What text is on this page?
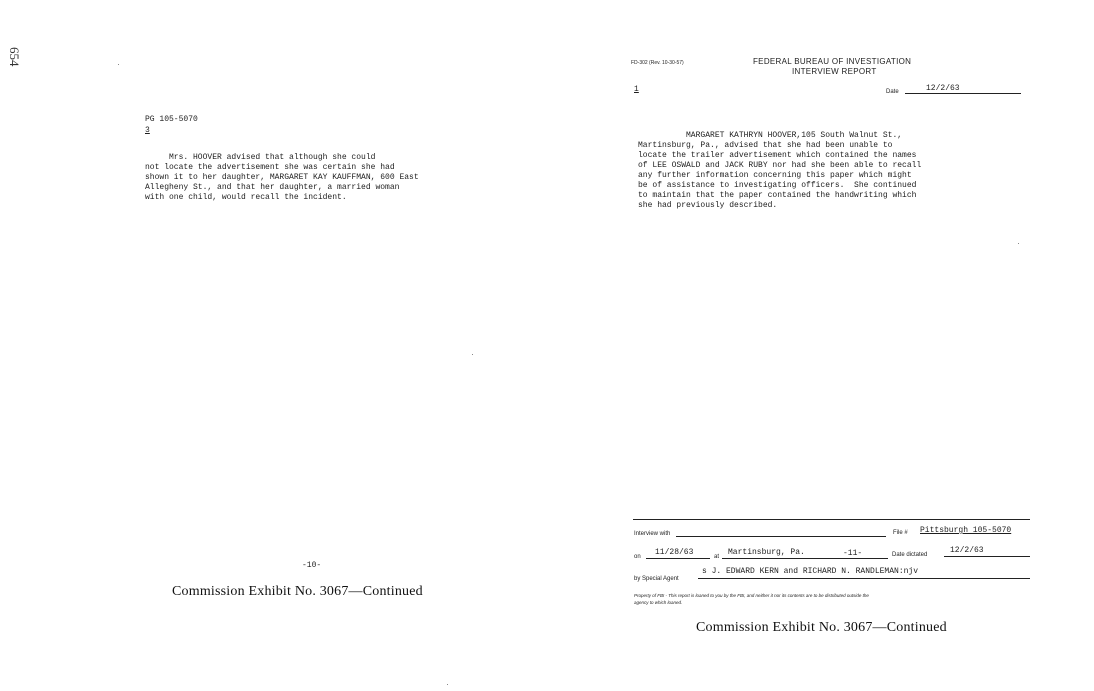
654
PG 105-5070
3
Mrs. HOOVER advised that although she could
not locate the advertisement she was certain she had
shown it to her daughter, MARGARET KAY KAUFFMAN, 600 East
Allegheny St., and that her daughter, a married woman
with one child, would recall the incident.
-10-
Commission Exhibit No. 3067—Continued
FD-302 (Rev. 10-30-57)	FEDERAL BUREAU OF INVESTIGATION
INTERVIEW REPORT
1	Date	12/2/63
MARGARET KATHRYN HOOVER,105 South Walnut St.,
Martinsburg, Pa., advised that she had been unable to
locate the trailer advertisement which contained the names
of LEE OSWALD and JACK RUBY nor had she been able to recall
any further information concerning this paper which might
be of assistance to investigating officers.  She continued
to maintain that the paper contained the handwriting which
she had previously described.
Interview with	File # Pittsburgh 105-5070
on 11/28/63	at Martinsburg, Pa.	-11-	Date dictated	12/2/63
by Special Agent
s J. EDWARD KERN and RICHARD N. RANDLEMAN:njv
Property of FBI - This report is loaned to you by the FBI, and neither it nor its contents are to be distributed outside the
agency to which loaned.
Commission Exhibit No. 3067—Continued
